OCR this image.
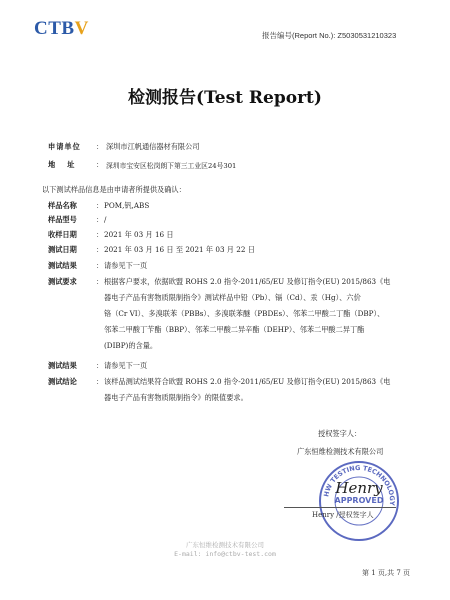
CTBV	报告编号(Report No.): Z5030531210323
检测报告(Test Report)
申请单位 ： 深圳市江帆通信器材有限公司
地址 ： 深圳市宝安区松岗朗下第三工业区24号301
以下测试样品信息是由申请者所提供及确认：
样品名称	： POM,钒,ABS
样品型号	： /
收样日期	： 2021 年 03 月 16 日
测试日期	： 2021 年 03 月 16 日 至 2021 年 03 月 22 日
测试结果	： 请参见下一页
测试要求	： 根据客户要求，依据欧盟 ROHS 2.0 指令-2011/65/EU 及修订指令(EU) 2015/863《电
器电子产品有害物质限制指令》测试样品中铅（Pb）、镉（Cd）、汞（Hg）、六价
铬（Cr VI）、多溴联苯（PBBs）、多溴联苯醚（PBDEs）、邻苯二甲酸二丁酯（DBP）、
邻苯二甲酸丁苄酯（BBP）、邻苯二甲酸二异辛酯（DEHP）、邻苯二甲酸二异丁酯
(DIBP)的含量。
测试结果	： 请参见下一页
测试结论	： 该样品测试结果符合欧盟 ROHS 2.0 指令-2011/65/EU 及修订指令(EU) 2015/863《电
器电子产品有害物质限制指令》的限值要求。
授权签字人：
广东恒维检测技术有限公司
HW TESTING TECHNOLOGY
APPROVED
Henry
Henry /授权签字人
广东恒维检测技术有限公司
E-mail: info@ctbv-test.com
第 1 页,共 7 页
